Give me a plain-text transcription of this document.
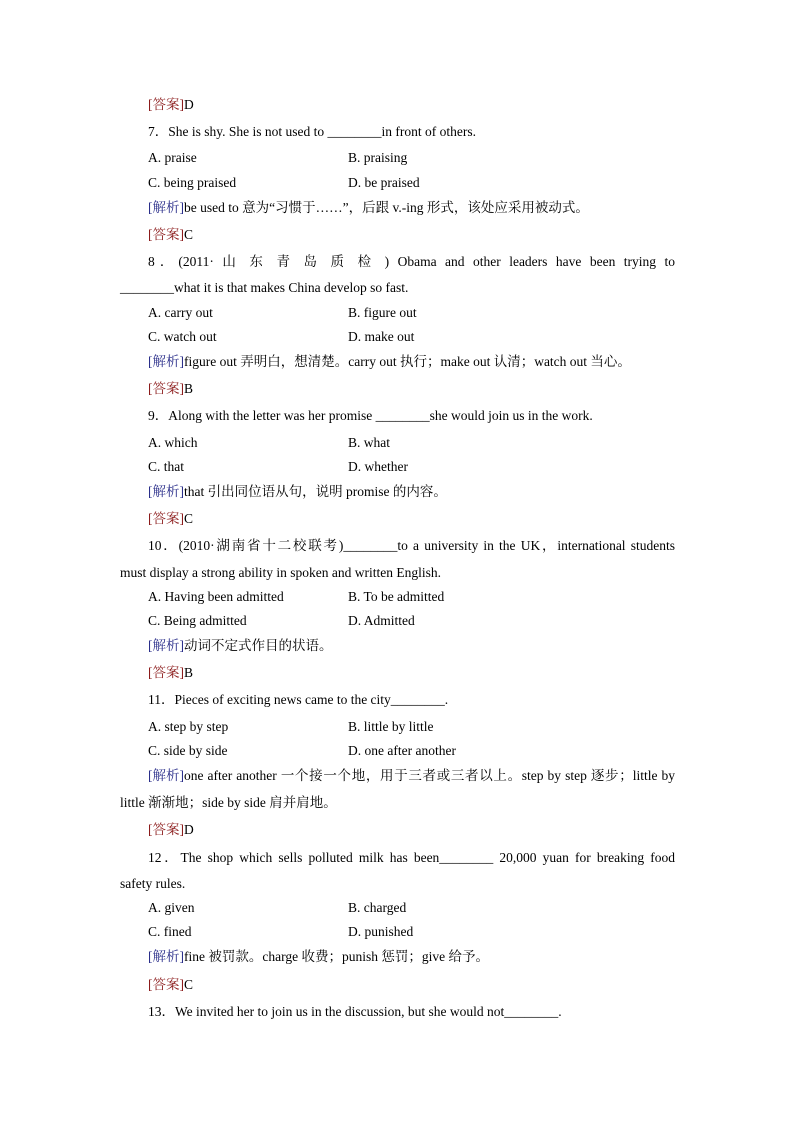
[答案]D
7．She is shy. She is not used to ________in front of others.
A. praise	B. praising
C. being praised	D. be praised
[解析]be used to 意为“习惯于……”，后跟 v.-ing 形式，该处应采用被动式。
[答案]C
8．(2011· 山 东 青 岛 质 检 ) Obama and other leaders have been trying to
________what it is that makes China develop so fast.
A. carry out	B. figure out
C. watch out	D. make out
[解析]figure out 弄明白，想清楚。carry out 执行；make out 认清；watch out 当心。
[答案]B
9．Along with the letter was her promise ________she would join us in the work.
A. which	B. what
C. that	D. whether
[解析]that 引出同位语从句，说明 promise 的内容。
[答案]C
10．(2010·湖南省十二校联考)________to a university in the UK，international students
must display a strong ability in spoken and written English.
A. Having been admitted	B. To be admitted
C. Being admitted	D. Admitted
[解析]动词不定式作目的状语。
[答案]B
11．Pieces of exciting news came to the city________.
A. step by step	B. little by little
C. side by side	D. one after another
[解析] one after another 一个接一个地，用于三者或三者以上。step by step 逐步；little by
little 渐渐地；side by side 肩并肩地。
[答案]D
12．The shop which sells polluted milk has been________ 20,000 yuan for breaking food
safety rules.
A. given	B. charged
C. fined	D. punished
[解析]fine 被罚款。charge 收费；punish 惩罚；give 给予。
[答案]C
13．We invited her to join us in the discussion, but she would not________.
